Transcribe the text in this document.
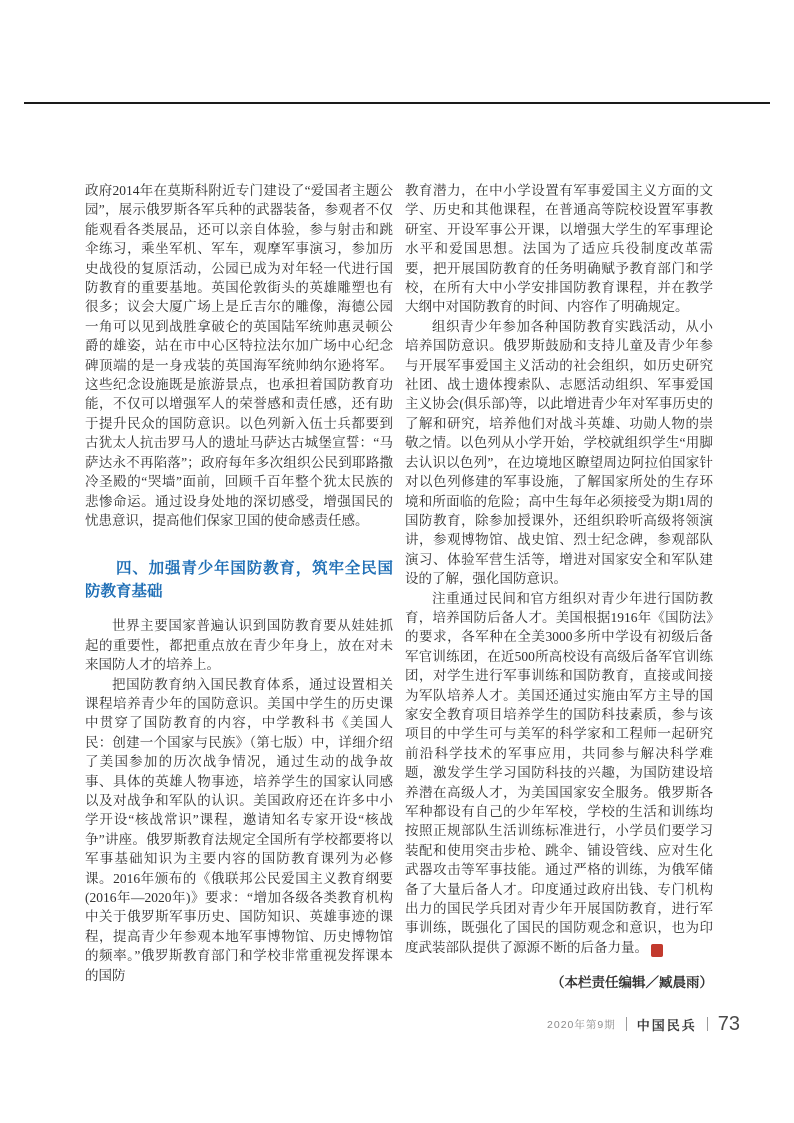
政府2014年在莫斯科附近专门建设了“爱国者主题公园”，展示俄罗斯各军兵种的武器装备，参观者不仅能观看各类展品，还可以亲自体验，参与射击和跳伞练习，乘坐军机、军车，观摩军事演习，参加历史战役的复原活动，公园已成为对年轻一代进行国防教育的重要基地。英国伦敦街头的英雄雕塑也有很多；议会大厦广场上是丘吉尔的雕像，海德公园一角可以见到战胜拿破仑的英国陆军统帅惠灵顿公爵的雄姿，站在市中心区特拉法尔加广场中心纪念碑顶端的是一身戎装的英国海军统帅纳尔逊将军。这些纪念设施既是旅游景点，也承担着国防教育功能，不仅可以增强军人的荣誉感和责任感，还有助于提升民众的国防意识。以色列新入伍士兵都要到古犹太人抗击罗马人的遗址马萨达古城堡宣誓：“马萨达永不再陷落”；政府每年多次组织公民到耶路撒冷圣殿的“哭墙”面前，回顾千百年整个犹太民族的悲惨命运。通过设身处地的深切感受，增强国民的忧患意识，提高他们保家卫国的使命感责任感。

四、加强青少年国防教育，筑牢全民国防教育基础

世界主要国家普遍认识到国防教育要从娃娃抓起的重要性，都把重点放在青少年身上，放在对未来国防人才的培养上。

把国防教育纳入国民教育体系，通过设置相关课程培养青少年的国防意识。美国中学生的历史课中贯穿了国防教育的内容，中学教科书《美国人民：创建一个国家与民族》（第七版）中，详细介绍了美国参加的历次战争情况，通过生动的战争故事、具体的英雄人物事迹，培养学生的国家认同感以及对战争和军队的认识。美国政府还在许多中小学开设“核战常识”课程，邀请知名专家开设“核战争”讲座。俄罗斯教育法规定全国所有学校都要将以军事基础知识为主要内容的国防教育课列为必修课。2016年颁布的《俄联邦公民爱国主义教育纲要(2016年—2020年)》要求：“增加各级各类教育机构中关于俄罗斯军事历史、国防知识、英雄事迹的课程，提高青少年参观本地军事博物馆、历史博物馆的频率。”俄罗斯教育部门和学校非常重视发挥课本的国防

教育潜力，在中小学设置有军事爱国主义方面的文学、历史和其他课程，在普通高等院校设置军事教研室、开设军事公开课，以增强大学生的军事理论水平和爱国思想。法国为了适应兵役制度改革需要，把开展国防教育的任务明确赋予教育部门和学校，在所有大中小学安排国防教育课程，并在教学大纲中对国防教育的时间、内容作了明确规定。

组织青少年参加各种国防教育实践活动，从小培养国防意识。俄罗斯鼓励和支持儿童及青少年参与开展军事爱国主义活动的社会组织，如历史研究社团、战士遗体搜索队、志愿活动组织、军事爱国主义协会(俱乐部)等，以此增进青少年对军事历史的了解和研究，培养他们对战斗英雄、功勋人物的崇敬之情。以色列从小学开始，学校就组织学生“用脚去认识以色列”，在边境地区瞭望周边阿拉伯国家针对以色列修建的军事设施，了解国家所处的生存环境和所面临的危险；高中生每年必须接受为期1周的国防教育，除参加授课外，还组织聆听高级将领演讲，参观博物馆、战史馆、烈士纪念碑，参观部队演习、体验军营生活等，增进对国家安全和军队建设的了解，强化国防意识。

注重通过民间和官方组织对青少年进行国防教育，培养国防后备人才。美国根据1916年《国防法》的要求，各军种在全美3000多所中学设有初级后备军官训练团，在近500所高校设有高级后备军官训练团，对学生进行军事训练和国防教育，直接或间接为军队培养人才。美国还通过实施由军方主导的国家安全教育项目培养学生的国防科技素质，参与该项目的中学生可与美军的科学家和工程师一起研究前沿科学技术的军事应用，共同参与解决科学难题，激发学生学习国防科技的兴趣，为国防建设培养潜在高级人才，为美国国家安全服务。俄罗斯各军种都设有自己的少年军校，学校的生活和训练均按照正规部队生活训练标准进行，小学员们要学习装配和使用突击步枪、跳伞、铺设管线、应对生化武器攻击等军事技能。通过严格的训练，为俄军储备了大量后备人才。印度通过政府出钱、专门机构出力的国民学兵团对青少年开展国防教育，进行军事训练，既强化了国民的国防观念和意识，也为印度武装部队提供了源源不断的后备力量。	兵

（本栏责任编辑／臧晨雨）

2020年第9期 中国民兵 73
